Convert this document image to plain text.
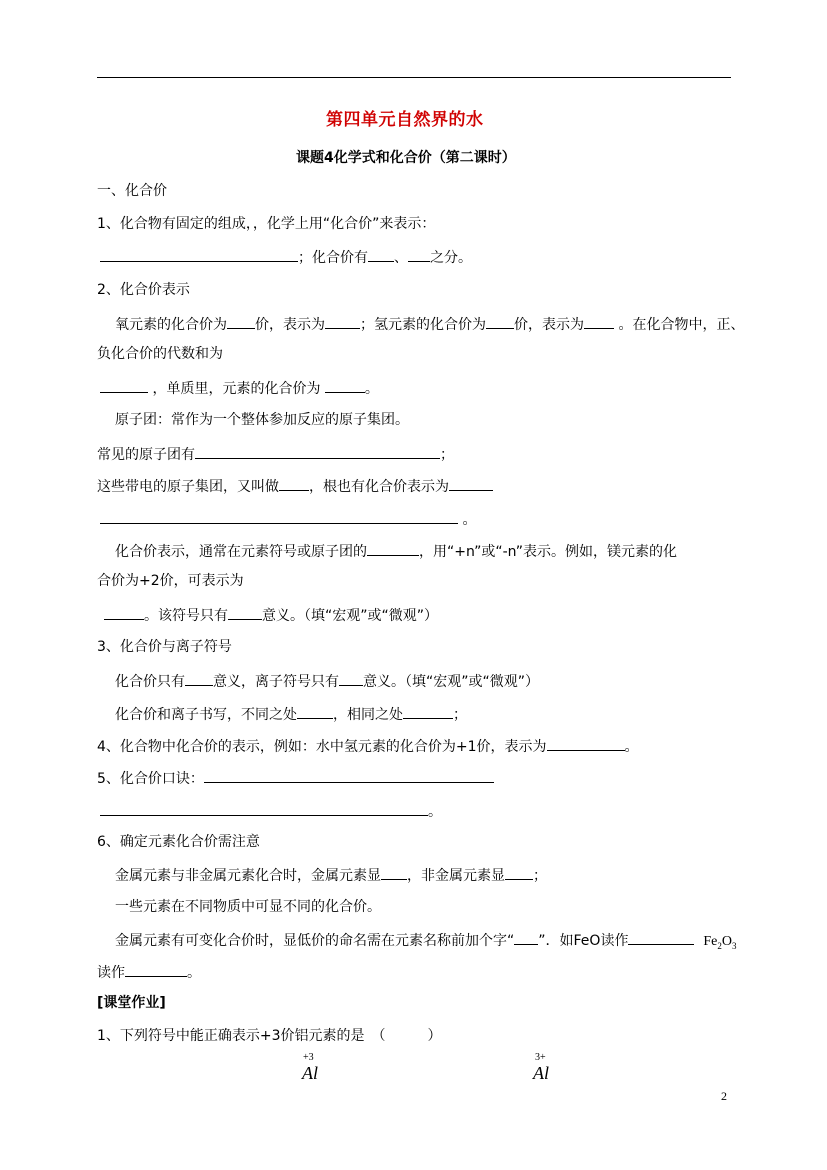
第四单元自然界的水
课题4化学式和化合价（第二课时）
一、化合价
1、化合物有固定的组成，，化学上用“化合价”来表示：
；化合价有 、 之分。
2、化合价表示
氧元素的化合价为 价，表示为	；氢元素的化合价为 价，表示为 。在化合物中，正、
负化合价的代数和为
，单质里，元素的化合价为	。
原子团：常作为一个整体参加反应的原子集团。
常见的原子团有	；
这些带电的原子集团，又叫做 ，根也有化合价表示为
。
化合价表示，通常在元素符号或原子团的	，用“+n”或“-n”表示。例如，镁元素的化
合价为+2价，可表示为
。该符号只有 意义。（填“宏观”或“微观”）
3、化合价与离子符号
化合价只有 意义，离子符号只有 意义。（填“宏观”或“微观”）
化合价和离子书写，不同之处	，相同之处	；
4、化合物中化合价的表示，例如：水中氢元素的化合价为+1价，表示为	。
5、化合价口诀：
。
6、确定元素化合价需注意
金属元素与非金属元素化合时，金属元素显 ，非金属元素显 ；
一些元素在不同物质中可显不同的化合价。
金属元素有可变化合价时，显低价的命名需在元素名称前加个字“ ”．如FeO读作	$Fe_2O_3$
读作	。
[课堂作业]
1、下列符号中能正确表示+3价铝元素的是　（　　　）
+3
Al
3+
Al
2
